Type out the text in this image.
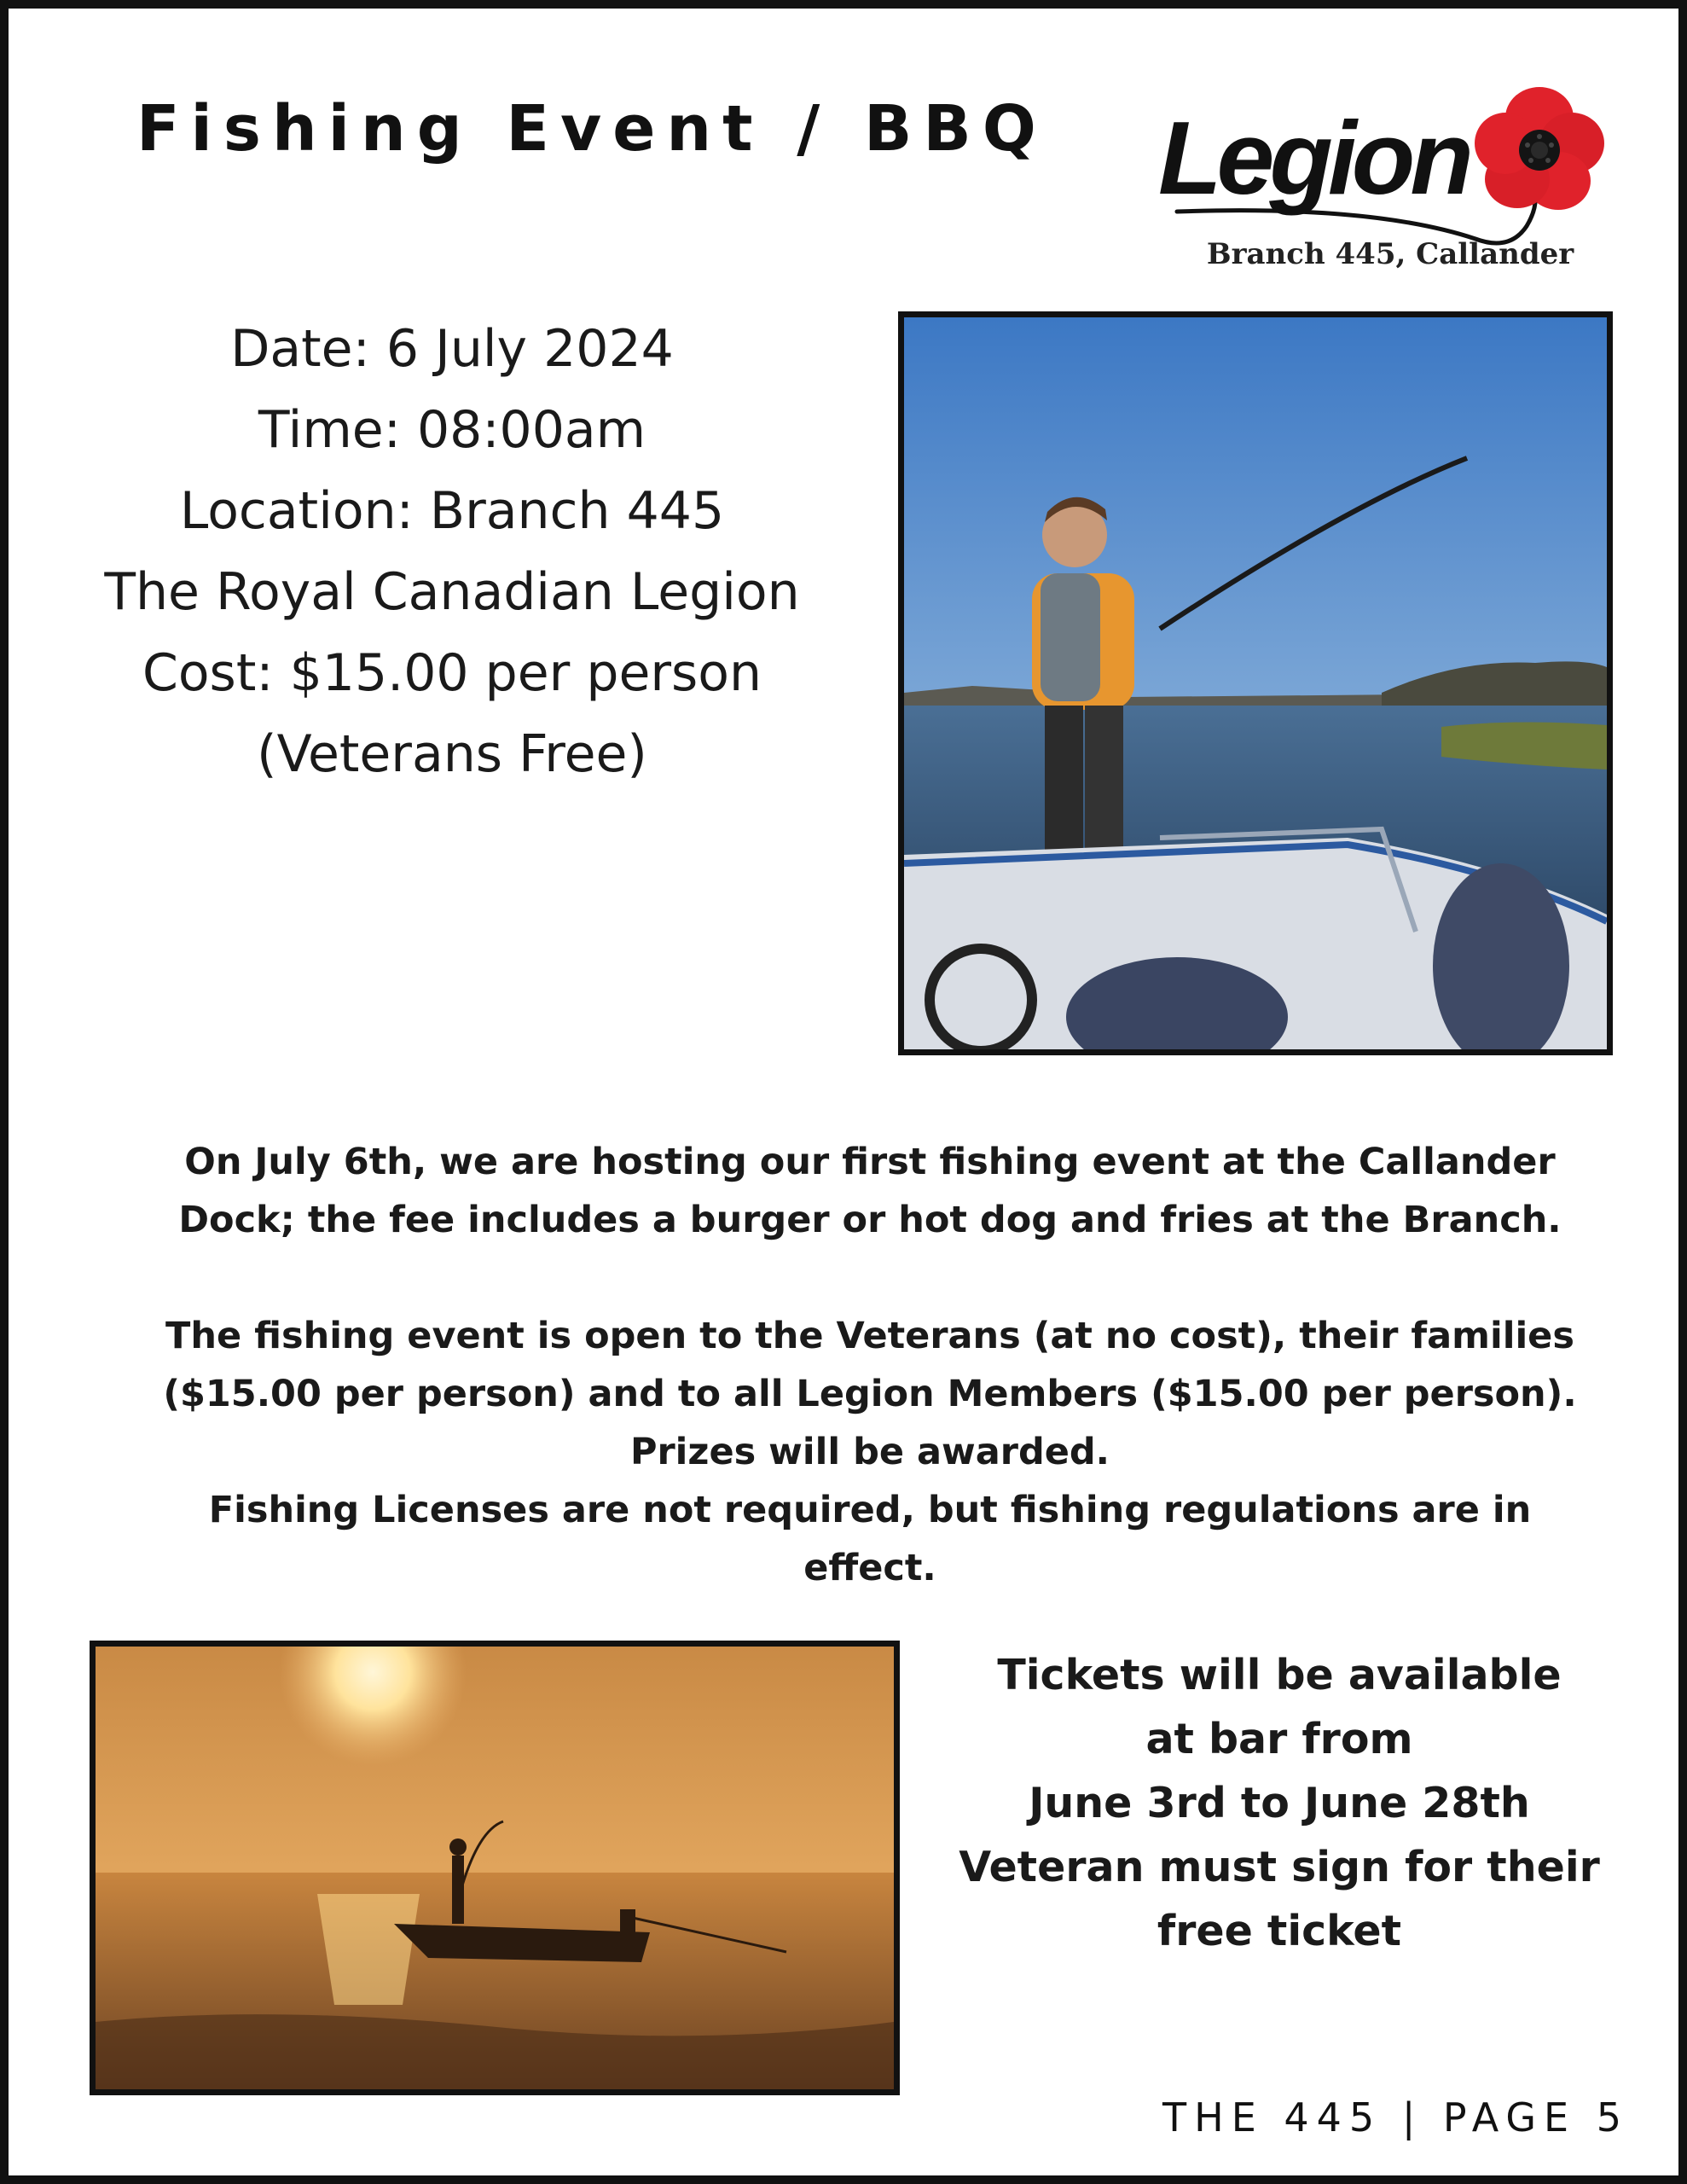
Fishing Event / BBQ Legion
Branch 445, Callander
Date: 6 July 2024
Time: 08:00am
Location: Branch 445
The Royal Canadian Legion
Cost: $15.00 per person
(Veterans Free)

On July 6th, we are hosting our first fishing event at the Callander

Dock; the fee includes a burger or hot dog and fries at the Branch.

The fishing event is open to the Veterans (at no cost), their families

($15.00 per person) and to all Legion Members ($15.00 per person).

Prizes will be awarded.

Fishing Licenses are not required, but fishing regulations are in effect.

Tickets will be available
at bar from
June 3rd to June 28th
Veteran must sign for their
free ticket
THE 445 | PAGE 5
